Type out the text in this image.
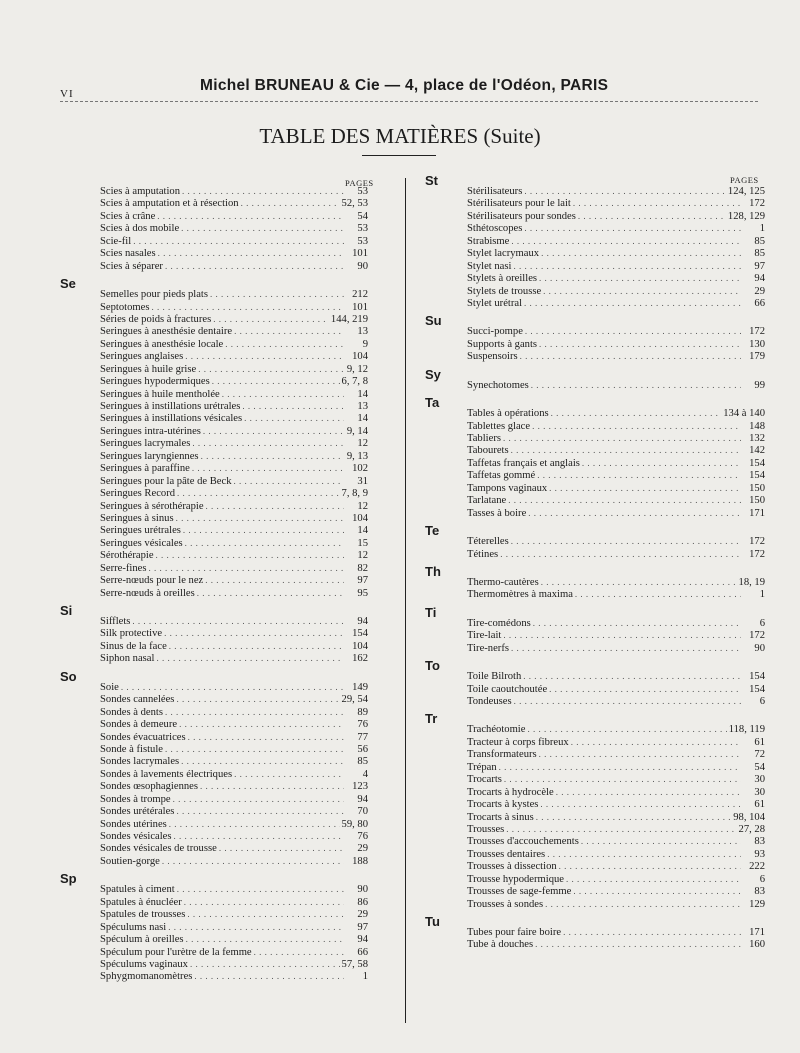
VI	Michel BRUNEAU & Cie — 4, place de l'Odéon, PARIS
TABLE DES MATIÈRES (Suite)
PAGES	PAGES
Scies à amputation . . .	53
Scies à amputation et à résection . . .	52, 53
Scies à crâne . . .	54
Scies à dos mobile . . .	53
Scie-fil . . .	53
Scies nasales . . .	101
Scies à séparer . . .	90
Se
Semelles pour pieds plats . . .	212
Septotomes . . .	101
Séries de poids à fractures . . .	144, 219
Seringues à anesthésie dentaire . . .	13
Seringues à anesthésie locale . . .	9
Seringues anglaises . . .	104
Seringues à huile grise . . .	9, 12
Seringues hypodermiques . . .	6, 7, 8
Seringues à huile mentholée . . .	14
Seringues à instillations urétrales . . .	13
Seringues à instillations vésicales . . .	14
Seringues intra-utérines . . .	9, 14
Seringues lacrymales . . .	12
Seringues laryngiennes . . .	9, 13
Seringues à paraffine . . .	102
Seringues pour la pâte de Beck . . .	31
Seringues Record . . .	7, 8, 9
Seringues à sérothérapie . . .	12
Seringues à sinus . . .	104
Seringues urétrales . . .	14
Seringues vésicales . . .	15
Sérothérapie . . .	12
Serre-fines . . .	82
Serre-nœuds pour le nez . . .	97
Serre-nœuds à oreilles . . .	95
Si
Sifflets . . .	94
Silk protective . . .	154
Sinus de la face . . .	104
Siphon nasal . . .	162
So
Soie . . .	149
Sondes cannelées . . .	29, 54
Sondes à dents . . .	89
Sondes à demeure . . .	76
Sondes évacuatrices . . .	77
Sonde à fistule . . .	56
Sondes lacrymales . . .	85
Sondes à lavements électriques . . .	4
Sondes œsophagiennes . . .	123
Sondes à trompe . . .	94
Sondes urétérales . . .	70
Sondes utérines . . .	59, 80
Sondes vésicales . . .	76
Sondes vésicales de trousse . . .	29
Soutien-gorge . . .	188
Sp
Spatules à ciment . . .	90
Spatules à énucléer . . .	86
Spatules de trousses . . .	29
Spéculums nasi . . .	97
Spéculum à oreilles . . .	94
Spéculum pour l'urètre de la femme . . .	66
Spéculums vaginaux . . .	57, 58
Sphygmomanomètres . . .	1
St
Stérilisateurs . . .	124, 125
Stérilisateurs pour le lait . . .	172
Stérilisateurs pour sondes . . .	128, 129
Sthétoscopes . . .	1
Strabisme . . .	85
Stylet lacrymaux . . .	85
Stylet nasi . . .	97
Stylets à oreilles . . .	94
Stylets de trousse . . .	29
Stylet urétral . . .	66
Su
Succi-pompe . . .	172
Supports à gants . . .	130
Suspensoirs . . .	179
Sy
Synechotomes . . .	99
Ta
Tables à opérations . . .	134 à 140
Tablettes glace . . .	148
Tabliers . . .	132
Tabourets . . .	142
Taffetas français et anglais . . .	154
Taffetas gommé . . .	154
Tampons vaginaux . . .	150
Tarlatane . . .	150
Tasses à boire . . .	171
Te
Téterelles . . .	172
Tétines . . .	172
Th
Thermo-cautères . . .	18, 19
Thermomètres à maxima . . .	1
Ti
Tire-comédons . . .	6
Tire-lait . . .	172
Tire-nerfs . . .	90
To
Toile Bilroth . . .	154
Toile caoutchoutée . . .	154
Tondeuses . . .	6
Tr
Trachéotomie . . .	118, 119
Tracteur à corps fibreux . . .	61
Transformateurs . . .	72
Trépan . . .	54
Trocarts . . .	30
Trocarts à hydrocèle . . .	30
Trocarts à kystes . . .	61
Trocarts à sinus . . .	98, 104
Trousses . . .	27, 28
Trousses d'accouchements . . .	83
Trousses dentaires . . .	93
Trousses à dissection . . .	222
Trousse hypodermique . . .	6
Trousses de sage-femme . . .	83
Trousses à sondes . . .	129
Tu
Tubes pour faire boire . . .	171
Tube à douches . . .	160
